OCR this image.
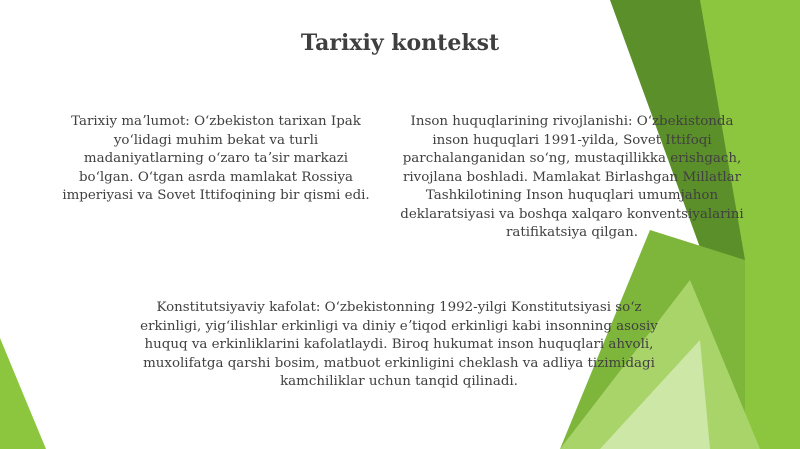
Tarixiy kontekst
Tarixiy maʼlumot: Oʻzbekiston tarixan Ipak yoʻlidagi muhim bekat va turli madaniyatlarning oʻzaro taʼsir markazi boʻlgan. Oʻtgan asrda mamlakat Rossiya imperiyasi va Sovet Ittifoqining bir qismi edi.
Inson huquqlarining rivojlanishi: Oʻzbekistonda inson huquqlari 1991-yilda, Sovet Ittifoqi parchalanganidan soʻng, mustaqillikka erishgach, rivojlana boshladi. Mamlakat Birlashgan Millatlar Tashkilotining Inson huquqlari umumjahon deklaratsiyasi va boshqa xalqaro konventsiyalarini ratifikatsiya qilgan.
Konstitutsiyaviy kafolat: Oʻzbekistonning 1992-yilgi Konstitutsiyasi soʻz erkinligi, yigʻilishlar erkinligi va diniy eʼtiqod erkinligi kabi insonning asosiy huquq va erkinliklarini kafolatlaydi. Biroq hukumat inson huquqlari ahvoli, muxolifatga qarshi bosim, matbuot erkinligini cheklash va adliya tizimidagi kamchiliklar uchun tanqid qilinadi.
